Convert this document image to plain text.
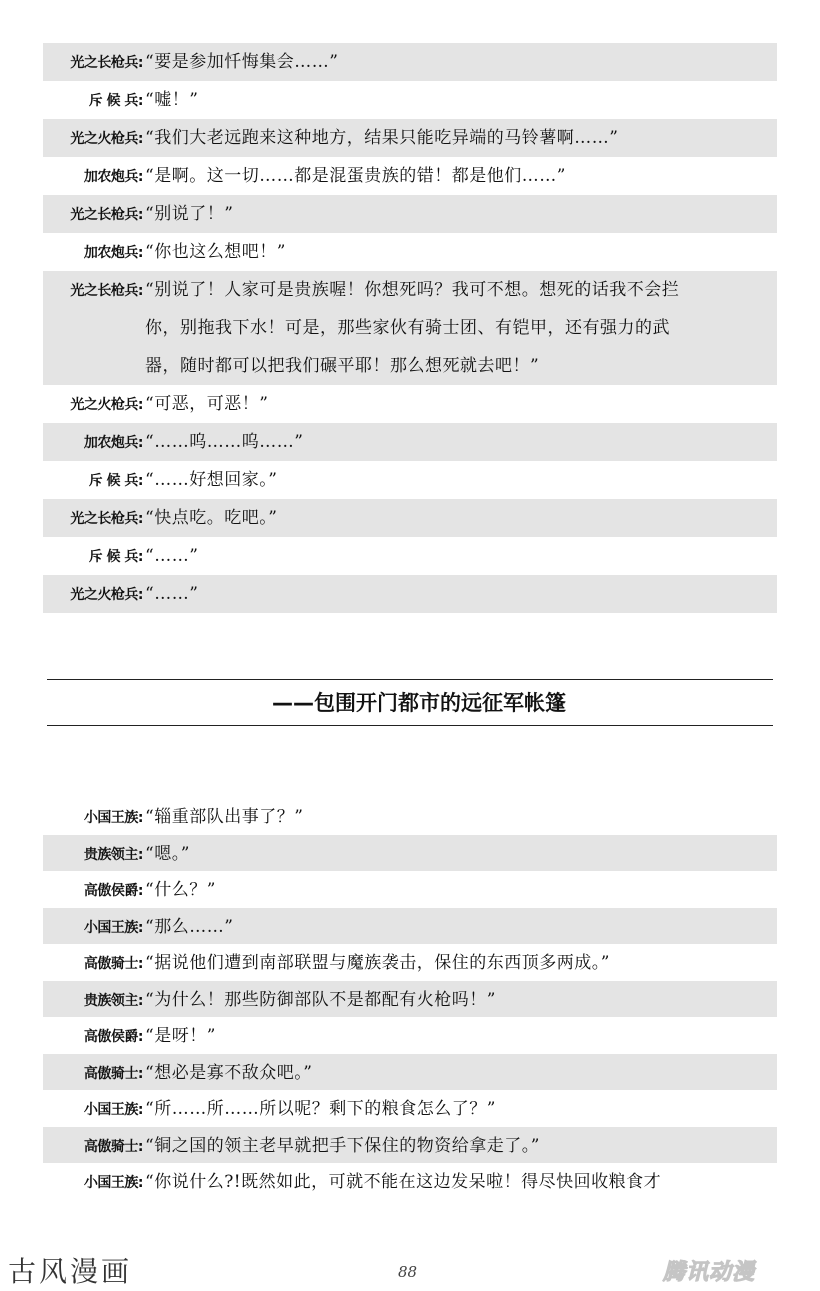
光之长枪兵: “要是参加忏悔集会……”
斥 候 兵: “嘘！”
光之火枪兵: “我们大老远跑来这种地方，结果只能吃异端的马铃薯啊……”
加农炮兵: “是啊。这一切……都是混蛋贵族的错！都是他们……”
光之长枪兵: “别说了！”
加农炮兵: “你也这么想吧！”
光之长枪兵: “别说了！人家可是贵族喔！你想死吗？我可不想。想死的话我不会拦
你，别拖我下水！可是，那些家伙有骑士团、有铠甲，还有强力的武
器，随时都可以把我们碾平耶！那么想死就去吧！”
光之火枪兵: “可恶，可恶！”
加农炮兵: “……呜……呜……”
斥 候 兵: “……好想回家。”
光之长枪兵: “快点吃。吃吧。”
斥 候 兵: “……”
光之火枪兵: “……”
——包围开门都市的远征军帐篷
小国王族: “辎重部队出事了？”
贵族领主: “嗯。”
高傲侯爵: “什么？”
小国王族: “那么……”
高傲骑士: “据说他们遭到南部联盟与魔族袭击，保住的东西顶多两成。”
贵族领主: “为什么！那些防御部队不是都配有火枪吗！”
高傲侯爵: “是呀！”
高傲骑士: “想必是寡不敌众吧。”
小国王族: “所……所……所以呢？剩下的粮食怎么了？”
高傲骑士: “铜之国的领主老早就把手下保住的物资给拿走了。”
小国王族: “你说什么?!既然如此，可就不能在这边发呆啦！得尽快回收粮食才
古风漫画	88	腾讯动漫
